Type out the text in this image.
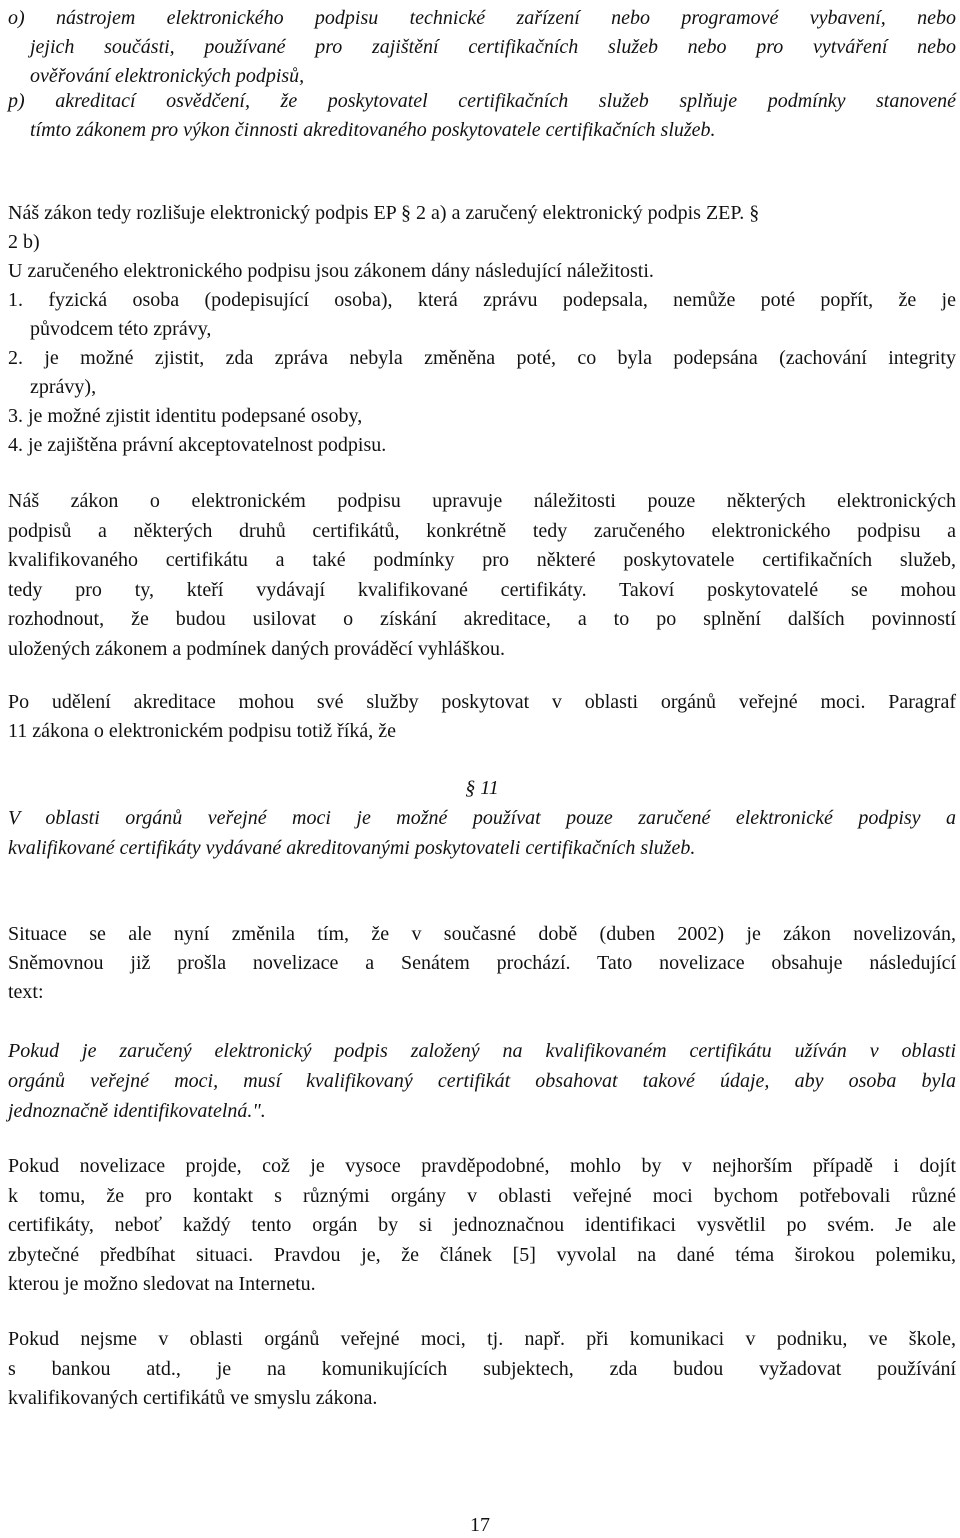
o) nástrojem elektronického podpisu technické zařízení nebo programové vybavení, nebo
jejich součásti, používané pro zajištění certifikačních služeb nebo pro vytváření nebo
ověřování elektronických podpisů,
p) akreditací osvědčení, že poskytovatel certifikačních služeb splňuje podmínky stanovené
tímto zákonem pro výkon činnosti akreditovaného poskytovatele certifikačních služeb.
Náš zákon tedy rozlišuje elektronický podpis EP § 2 a) a zaručený elektronický podpis ZEP. §
2 b)
U zaručeného elektronického podpisu jsou zákonem dány následující náležitosti.
1. fyzická osoba (podepisující osoba), která zprávu podepsala, nemůže poté popřít, že je
původcem této zprávy,
2. je možné zjistit, zda zpráva nebyla změněna poté, co byla podepsána (zachování integrity
zprávy),
3. je možné zjistit identitu podepsané osoby,
4. je zajištěna právní akceptovatelnost podpisu.
Náš zákon o elektronickém podpisu upravuje náležitosti pouze některých elektronických
podpisů a některých druhů certifikátů, konkrétně tedy zaručeného elektronického podpisu a
kvalifikovaného certifikátu a také podmínky pro některé poskytovatele certifikačních služeb,
tedy pro ty, kteří vydávají kvalifikované certifikáty. Takoví poskytovatelé se mohou
rozhodnout, že budou usilovat o získání akreditace, a to po splnění dalších povinností
uložených zákonem a podmínek daných prováděcí vyhláškou.
Po udělení akreditace mohou své služby poskytovat v oblasti orgánů veřejné moci. Paragraf
11 zákona o elektronickém podpisu totiž říká, že
§ 11
V oblasti orgánů veřejné moci je možné používat pouze zaručené elektronické podpisy a
kvalifikované certifikáty vydávané akreditovanými poskytovateli certifikačních služeb.
Situace se ale nyní změnila tím, že v současné době (duben 2002) je zákon novelizován,
Sněmovnou již prošla novelizace a Senátem prochází. Tato novelizace obsahuje následující
text:
Pokud je zaručený elektronický podpis založený na kvalifikovaném certifikátu užíván v oblasti
orgánů veřejné moci, musí kvalifikovaný certifikát obsahovat takové údaje, aby osoba byla
jednoznačně identifikovatelná.".
Pokud novelizace projde, což je vysoce pravděpodobné, mohlo by v nejhorším případě i dojít
k tomu, že pro kontakt s různými orgány v oblasti veřejné moci bychom potřebovali různé
certifikáty, neboť každý tento orgán by si jednoznačnou identifikaci vysvětlil po svém. Je ale
zbytečné předbíhat situaci. Pravdou je, že článek [5] vyvolal na dané téma širokou polemiku,
kterou je možno sledovat na Internetu.
Pokud nejsme v oblasti orgánů veřejné moci, tj. např. při komunikaci v podniku, ve škole,
s bankou atd., je na komunikujících subjektech, zda budou vyžadovat používání
kvalifikovaných certifikátů ve smyslu zákona.
17
